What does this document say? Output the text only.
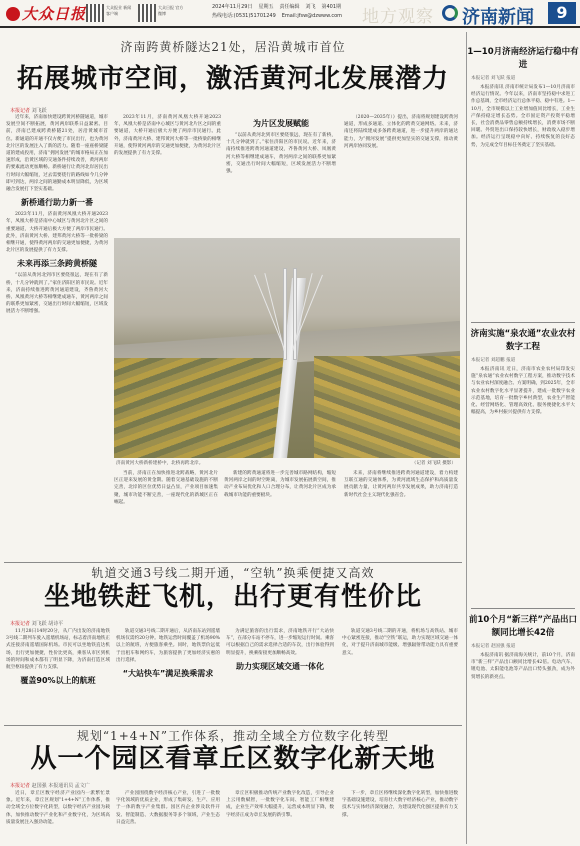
大众日报	大众报业 新闻客户端
大众日报 官方微博
2024年11月29日 星期五 责任编辑 刘飞 第401期
热线电话:(0531)51701249 Email:jfsw@dzwww.com	地方观察 济南新闻	9
济南跨黄桥隧达21处，居沿黄城市首位
拓展城市空间，激活黄河北发展潜力
本报记者 刘飞跃

近年来，济南加快建设跨黄河桥隧通道，城市发展空间不断拓展，黄河两岸联系日益紧密。目前，济南已建成跨黄桥隧21处，居沿黄城市首位。新通道的开通不仅方便了市民出行，也为黄河北片区的发展注入了新的活力。随着一座座桥梁隧道的建成投用，济南“拥河发展”的城市格局正在加速形成，沿黄区域的交通条件持续改善，黄河两岸的要素流动更加顺畅。新桥通行让黄河北岸居民出行时间大幅缩短，过去需要绕行的路线如今几分钟即可到达，两岸之间的通勤成本明显降低，为区域融合发展打下坚实基础。

新桥通行助力新一番

2023年11月，济南黄河凤凰大桥开通2023年，凤凰大桥是济南中心城区与黄河北片区之间的重要通道，大桥开通后极大方便了两岸市民通行。此外，济南黄河大桥、建邦黄河大桥等一批桥梁的相继开通，使得黄河两岸的交通更加便捷，为黄河北片区的发展提供了有力支撑。

未来再添三条跨黄桥隧

“以前从黄河北到市区要绕很远，现在有了新桥，十几分钟就到了。”家住济阳区的市民说。近年来，济南持续推进跨黄河通道建设，齐鲁黄河大桥、凤凰黄河大桥等相继建成通车，黄河两岸之间的联系更加紧密，交通出行时间大幅缩短，区域发展活力不断增强。

2023年11月，济南黄河凤凰大桥开通2023年，凤凰大桥是济南中心城区与黄河北片区之间的重要通道，大桥开通后极大方便了两岸市民通行。此外，济南黄河大桥、建邦黄河大桥等一批桥梁的相继开通，使得黄河两岸的交通更加便捷，为黄河北片区的发展提供了有力支撑。

为片区发展赋能

“以前从黄河北到市区要绕很远，现在有了新桥，十几分钟就到了。”家住济阳区的市民说。近年来，济南持续推进跨黄河通道建设，齐鲁黄河大桥、凤凰黄河大桥等相继建成通车，黄河两岸之间的联系更加紧密，交通出行时间大幅缩短，区域发展活力不断增强。

（2020—2035年）》提出，济南将规划建设跨黄河通道，形成多通道、立体化的跨黄交通网络。未来，济南还将陆续建成多条跨黄通道，进一步提升两岸的通达能力，为“拥河发展”提供更加坚实的交通支撑，推动黄河两岸协同发展。

济南黄河大桥新桥建桥中，北桥再跨北岸。	（记者 刘飞跃 摄影）

当前，济南正在加快推进北跨战略，黄河北片区正迎来发展的黄金期。随着交通基础设施的不断完善，北岸的区位优势日益凸显，产业项目加速集聚，城市功能不断完善，一座现代化的新城区正在崛起。

新建的跨黄通道将进一步完善城市路网结构，缩短黄河两岸之间的时空距离，为城市发展拓展新空间，推动产业布局优化和人口合理分布，让黄河北片区成为承载城市功能的重要板块。

未来，济南将继续推进跨黄河通道建设，着力构建互联互通的交通体系，为黄河流域生态保护和高质量发展贡献力量，让黄河两岸共享发展成果，助力济南打造新时代社会主义现代化强省会。

轨道交通3号线二期开通，“空轨”换乘便捷又高效
坐地铁赶飞机，出行更有性价比
本报记者 刘飞跃 胡诗平

11月28日14时20分，从广内出发的济南地铁3号线二期列车驶入遥墙机场站，标志着济南地铁正式连接济南遥墙国际机场。市民可以坐地铁直达机场，出行更加便捷，性价比更高，乘客从市区到机场的时间和成本都有了明显下降，为济南打造区域航空枢纽提供了有力支撑。

覆盖90%以上的航班

轨道交通3号线二期开通后，从济南东站到遥墙机场仅需约20分钟。地铁运营时间覆盖了机场90%以上的航班，方便旅客乘坐。同时，地铁票价远低于出租车和网约车，为旅客提供了更加经济实惠的出行选择。

“大站快车”满足换乘需求

为满足旅客的出行需求，济南地铁开行“大站快车”，在部分车站不停车，进一步缩短运行时间。乘客可以根据自己的需求选择合适的车次，出行体验得到明显提升，换乘衔接更加顺畅高效。

助力实现区域交通一体化

轨道交通3号线二期的开通，将机场与高铁站、城市中心紧密连接，推动“空铁”联运，助力实现区域交通一体化，对于提升济南城市能级、增强辐射带动能力具有重要意义。

规划“1+4+N”工作体系，推动全域全方位数字化转型
从一个园区看章丘区数字化新天地
本报记者 赵国强 本报通讯员 孟文广

近日，章丘区数字经济产业园内一派繁忙景象。近年来，章丘区规划“1+4+N”工作体系，推动全域全方位数字化转型，以数字经济产业园为载体，加快推动数字产业化和产业数字化，为区域高质量发展注入强劲动能。

产业园围绕数字经济核心产业，引进了一批数字化领域的优质企业，形成了集研发、生产、应用于一体的数字产业集群。园区内企业涉及软件开发、智能制造、大数据服务等多个领域，产业生态日益完善。

章丘区积极推动传统产业数字化改造，引导企业上云用数赋智，一批数字化车间、智能工厂相继建成，企业生产效率大幅提升，运营成本明显下降，数字经济正成为章丘发展的新引擎。

下一步，章丘区将继续深化数字化转型，加快推进数字基础设施建设，培育壮大数字经济核心产业，推动数字技术与实体经济深度融合，为建设现代化强区提供有力支撑。

1—10月济南经济运行稳中有进
本报记者 刘飞跃 报道
本报济南讯 济南市统计局发布1—10月济南市经济运行情况。今年以来，济南市坚持稳中求进工作总基调，全市经济运行总体平稳、稳中有进。1—10月，全市规模以上工业增加值同比增长，工业生产保持稳定增长态势。全市固定资产投资平稳增长，社会消费品零售总额持续增长，消费市场不断回暖。外贸进出口保持较快增长，财政收入稳步增加。经济运行呈现稳中向好、持续恢复的良好态势，为完成全年目标任务奠定了坚实基础。
济南实施“泉农通”农业农村数字工程
本报记者 刘超鹏 报道
本报济南讯 近日，济南市农业农村局印发实施“泉农通”农业农村数字工程方案，推动数字技术与农业农村深度融合。方案明确，到2025年，全市农业农村数字化水平显著提升，建成一批数字农业示范基地，培育一批数字乡村典型，农业生产智能化、经营网络化、管理高效化、服务便捷化水平大幅提高，为乡村振兴提供有力支撑。
前10个月“新三样”产品出口额同比增长42倍
本报记者 赵国强 报道
本报济南讯 据济南海关统计，前10个月，济南市“新三样”产品出口额同比增长42倍。电动汽车、锂电池、太阳能电池等产品出口势头强劲，成为外贸增长的新亮点。
